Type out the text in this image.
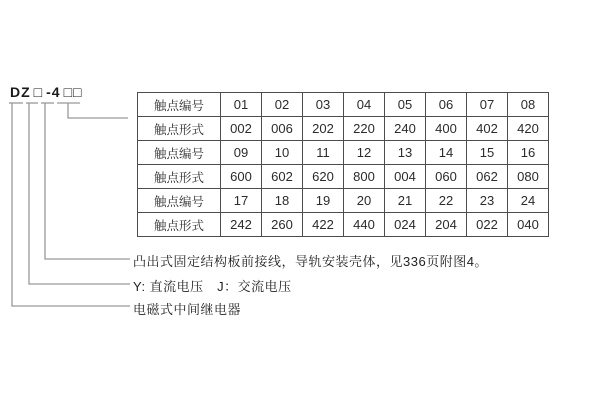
DZ □ -4 □□
触点编号	01	02	03	04	05	06	07	08
触点形式	002	006	202	220	240	400	402	420
触点编号	09	10	11	12	13	14	15	16
触点形式	600	602	620	800	004	060	062	080
触点编号	17	18	19	20	21	22	23	24
触点形式	242	260	422	440	024	204	022	040
凸出式固定结构板前接线，导轨安装壳体，见336页附图4。
Y: 直流电压　J：交流电压
电磁式中间继电器
